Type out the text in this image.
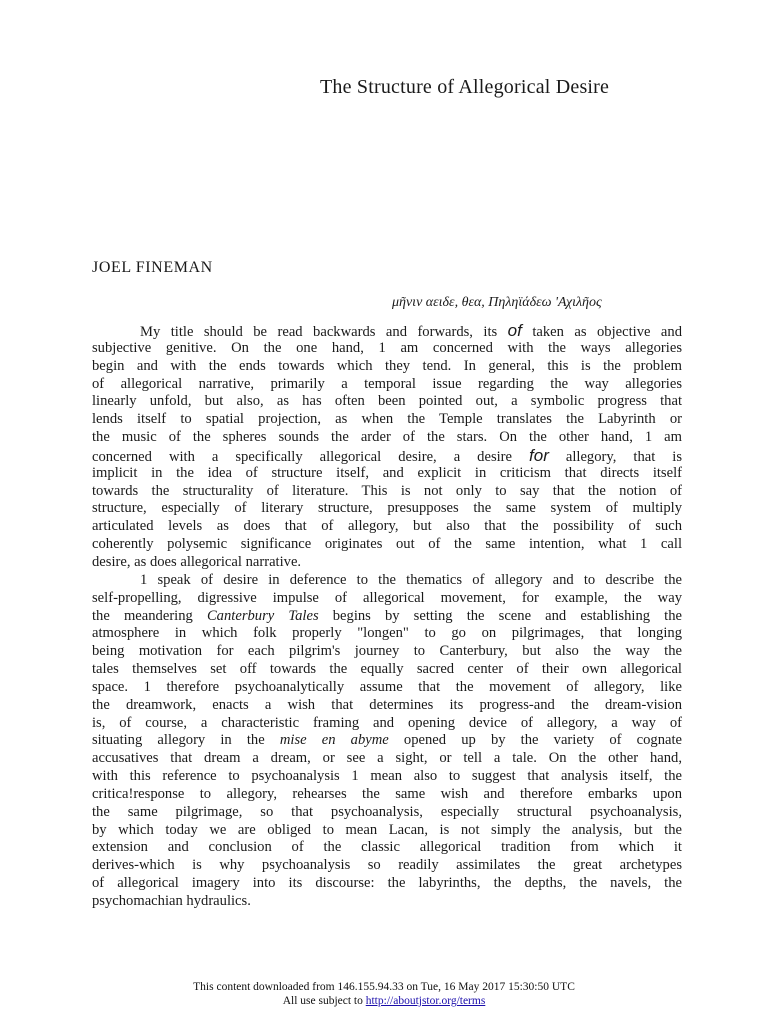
The Structure of Allegorical Desire
JOEL FINEMAN
μῆνιν αειδε, θεα, Πηληϊάδεω 'Αχιλῆος
My title should be read backwards and forwards, its of taken as objective and
subjective genitive. On the one hand, 1 am concerned with the ways allegories
begin and with the ends towards which they tend. In general, this is the problem
of allegorical narrative, primarily a temporal issue regarding the way allegories
linearly unfold, but also, as has often been pointed out, a symbolic progress that
lends itself to spatial projection, as when the Temple translates the Labyrinth or
the music of the spheres sounds the arder of the stars. On the other hand, 1 am
concerned with a specifically allegorical desire, a desire for allegory, that is
implicit in the idea of structure itself, and explicit in criticism that directs itself
towards the structurality of literature. This is not only to say that the notion of
structure, especially of literary structure, presupposes the same system of multiply
articulated levels as does that of allegory, but also that the possibility of such
coherently polysemic significance originates out of the same intention, what 1 call
desire, as does allegorical narrative.
1 speak of desire in deference to the thematics of allegory and to describe the
self-propelling, digressive impulse of allegorical movement, for example, the way
the meandering Canterbury Tales begins by setting the scene and establishing the
atmosphere in which folk properly "longen" to go on pilgrimages, that longing
being motivation for each pilgrim's journey to Canterbury, but also the way the
tales themselves set off towards the equally sacred center of their own allegorical
space. 1 therefore psychoanalytically assume that the movement of allegory, like
the dreamwork, enacts a wish that determines its progress-and the dream-vision
is, of course, a characteristic framing and opening device of allegory, a way of
situating allegory in the mise en abyme opened up by the variety of cognate
accusatives that dream a dream, or see a sight, or tell a tale. On the other hand,
with this reference to psychoanalysis 1 mean also to suggest that analysis itself, the
critica!response to allegory, rehearses the same wish and therefore embarks upon
the same pilgrimage, so that psychoanalysis, especially structural psychoanalysis,
by which today we are obliged to mean Lacan, is not simply the analysis, but the
extension and conclusion of the classic allegorical tradition from which it
derives-which is why psychoanalysis so readily assimilates the great archetypes
of allegorical imagery into its discourse: the labyrinths, the depths, the navels, the
psychomachian hydraulics.
This content downloaded from 146.155.94.33 on Tue, 16 May 2017 15:30:50 UTC
All use subject to http://aboutjstor.org/terms
